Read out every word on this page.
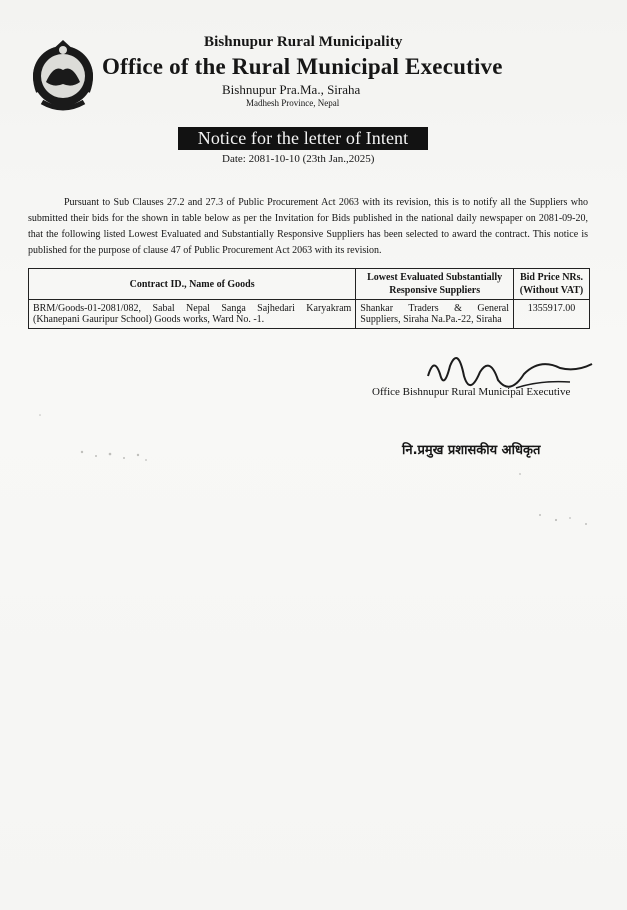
Bishnupur Rural Municipality
Office of the Rural Municipal Executive
Bishnupur Pra.Ma., Siraha
Madhesh Province, Nepal
Notice for the letter of Intent
Date: 2081-10-10 (23th Jan.,2025)

Pursuant to Sub Clauses 27.2 and 27.3 of Public Procurement Act 2063 with its revision, this is to notify all the Suppliers who submitted their bids for the shown in table below as per the Invitation for Bids published in the national daily newspaper on 2081-09-20, that the following listed Lowest Evaluated and Substantially Responsive Suppliers has been selected to award the contract. This notice is published for the purpose of clause 47 of Public Procurement Act 2063 with its revision.

Contract ID., Name of Goods	Lowest Evaluated Substantially Responsive Suppliers	Bid Price NRs. (Without VAT)
BRM/Goods-01-2081/082, Sabal Nepal Sanga Sajhedari Karyakram (Khanepani Gauripur School) Goods works, Ward No. -1.	Shankar Traders & General Suppliers, Siraha Na.Pa.-22, Siraha	1355917.00
Office Bishnupur Rural Municipal Executive
नि.प्रमुख प्रशासकीय अधिकृत
